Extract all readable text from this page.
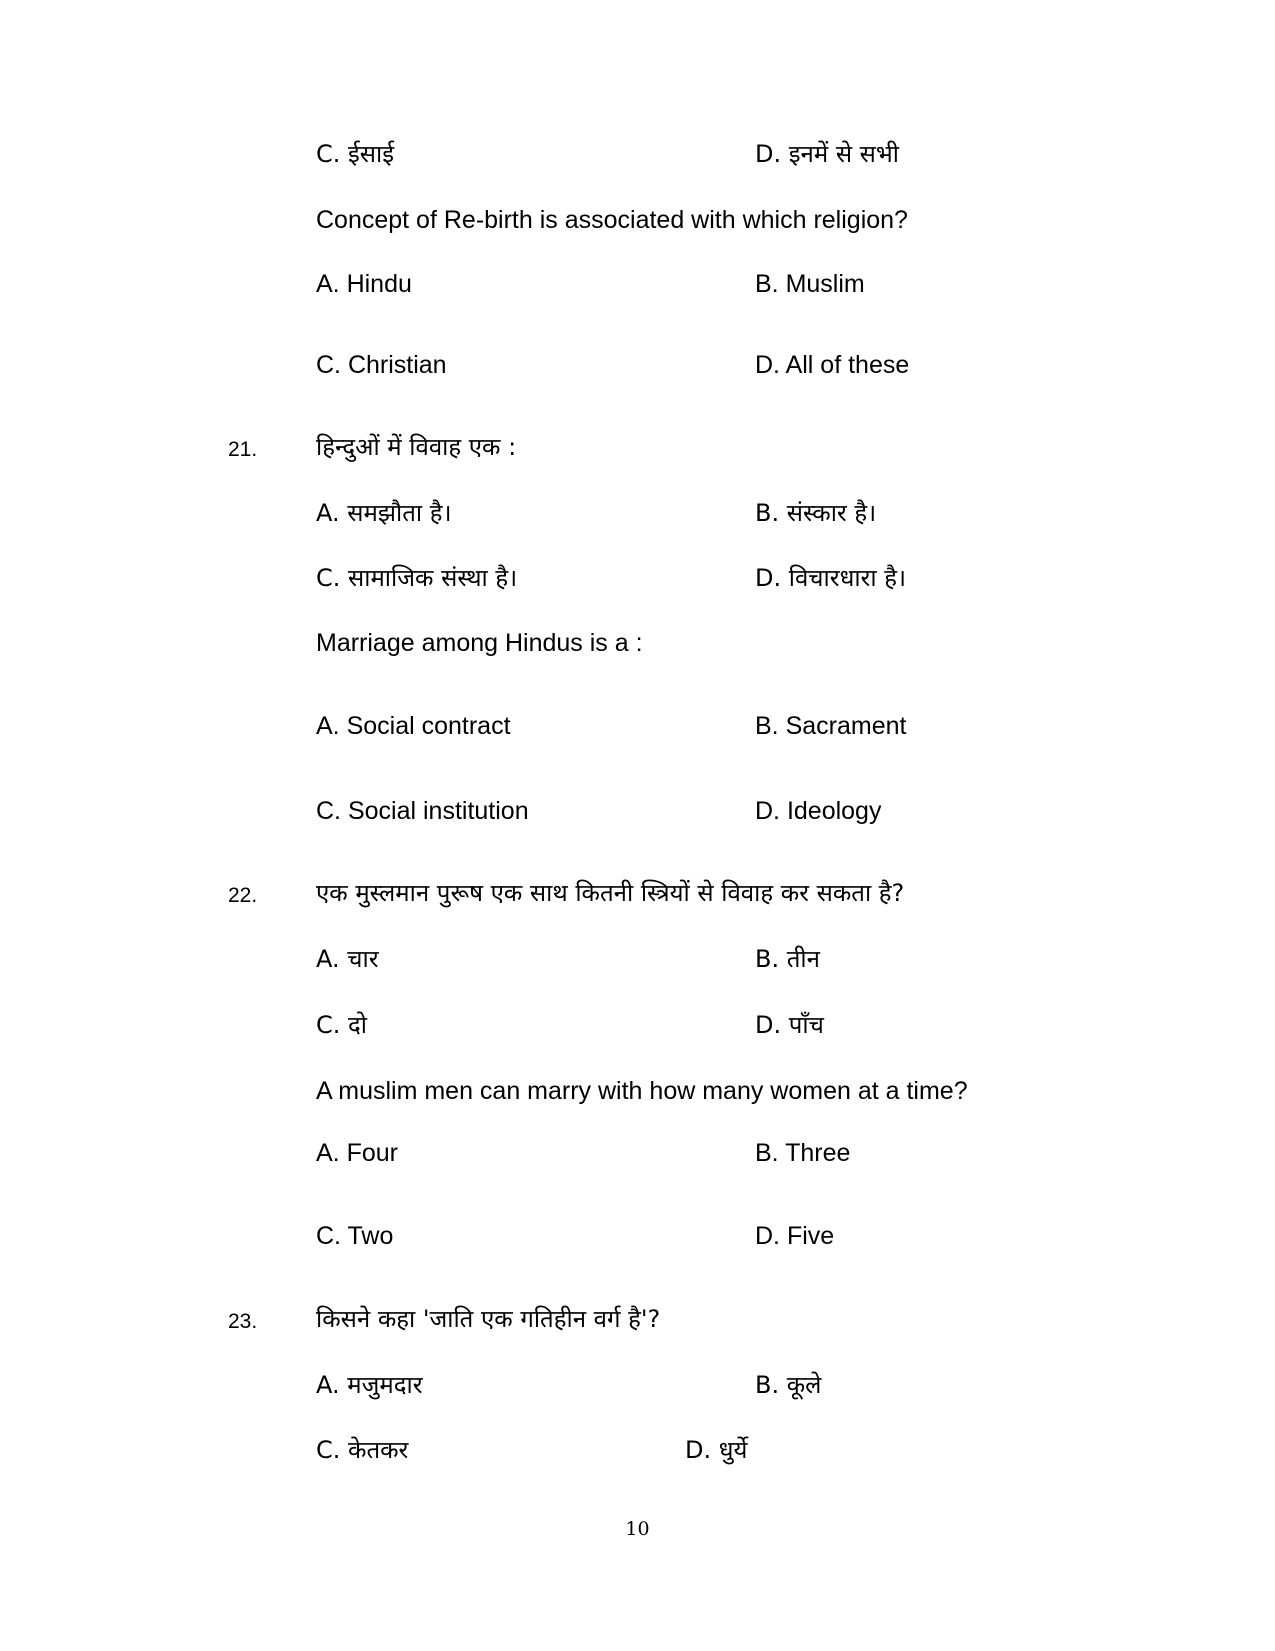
C. ईसाई	D. इनमें से सभी
Concept of Re-birth is associated with which religion?
A. Hindu	B. Muslim
C. Christian	D. All of these
21. हिन्दुओं में विवाह एक :
A. समझौता है।	B. संस्कार है।
C. सामाजिक संस्था है।	D. विचारधारा है।
Marriage among Hindus is a :
A. Social contract	B. Sacrament
C. Social institution	D. Ideology
22. एक मुस्लमान पुरूष एक साथ कितनी स्त्रियों से विवाह कर सकता है?
A. चार	B. तीन
C. दो	D. पाँच
A muslim men can marry with how many women at a time?
A. Four	B. Three
C. Two	D. Five
23. किसने कहा 'जाति एक गतिहीन वर्ग है'?
A. मजुमदार	B. कूले
C. केतकर	D. धुर्ये
10
